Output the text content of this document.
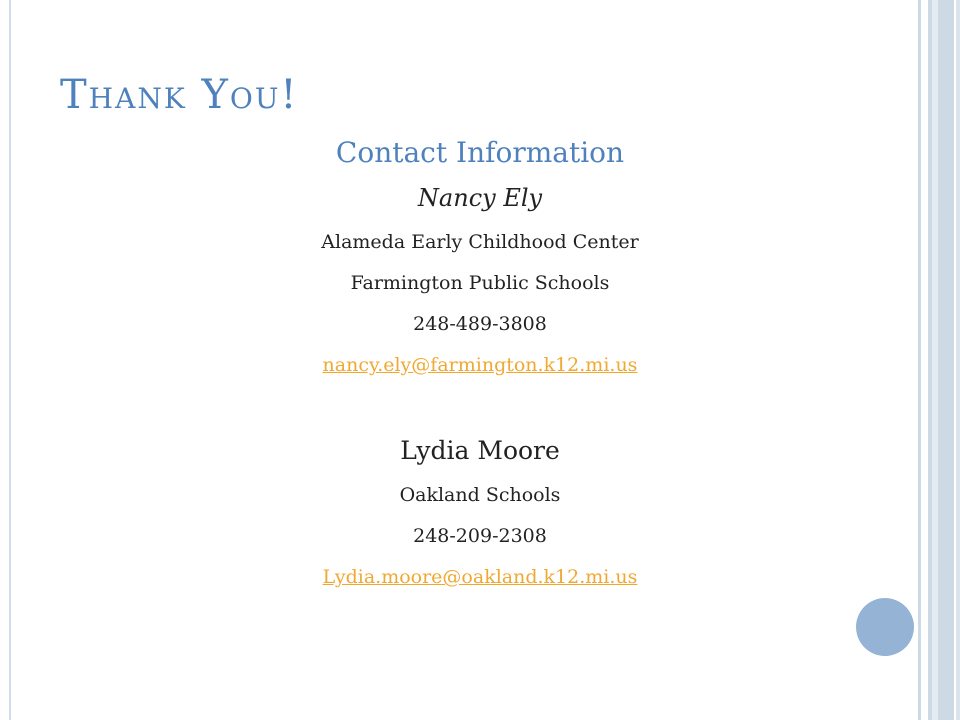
Thank You!
Contact Information
Nancy Ely
Alameda Early Childhood Center
Farmington Public Schools
248-489-3808
nancy.ely@farmington.k12.mi.us
Lydia Moore
Oakland Schools
248-209-2308
Lydia.moore@oakland.k12.mi.us
